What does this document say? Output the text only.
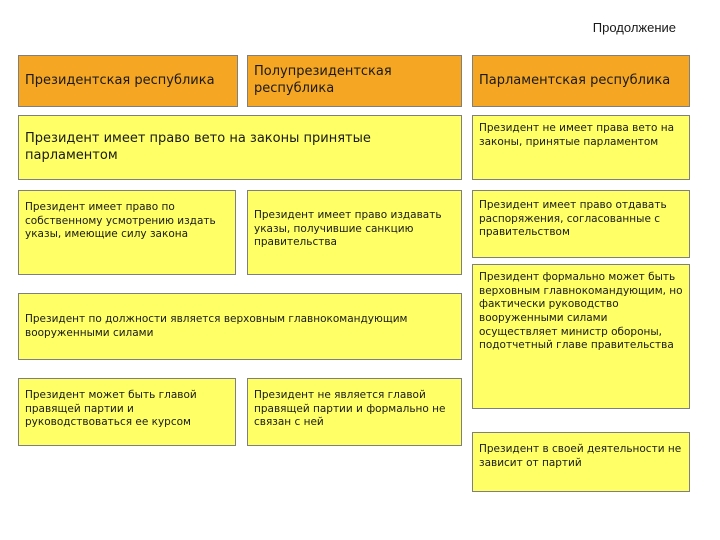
Продолжение
Президентская республика
Полупрезидентская республика
Парламентская республика
Президент имеет право вето на законы принятые парламентом
Президент не имеет права вето на законы, принятые парламентом
Президент имеет право по собственному усмотрению издать указы, имеющие силу закона
Президент имеет право издавать указы, получившие санкцию правительства
Президент имеет право отдавать распоряжения, согласованные с правительством
Президент по должности является верховным главнокомандующим вооруженными силами
Президент формально может быть верховным главнокомандующим, но фактически руководство вооруженными силами осуществляет министр обороны, подотчетный главе правительства
Президент может быть главой правящей партии и руководствоваться ее курсом
Президент не является главой правящей партии и формально не связан с ней
Президент в своей деятельности не зависит от партий
